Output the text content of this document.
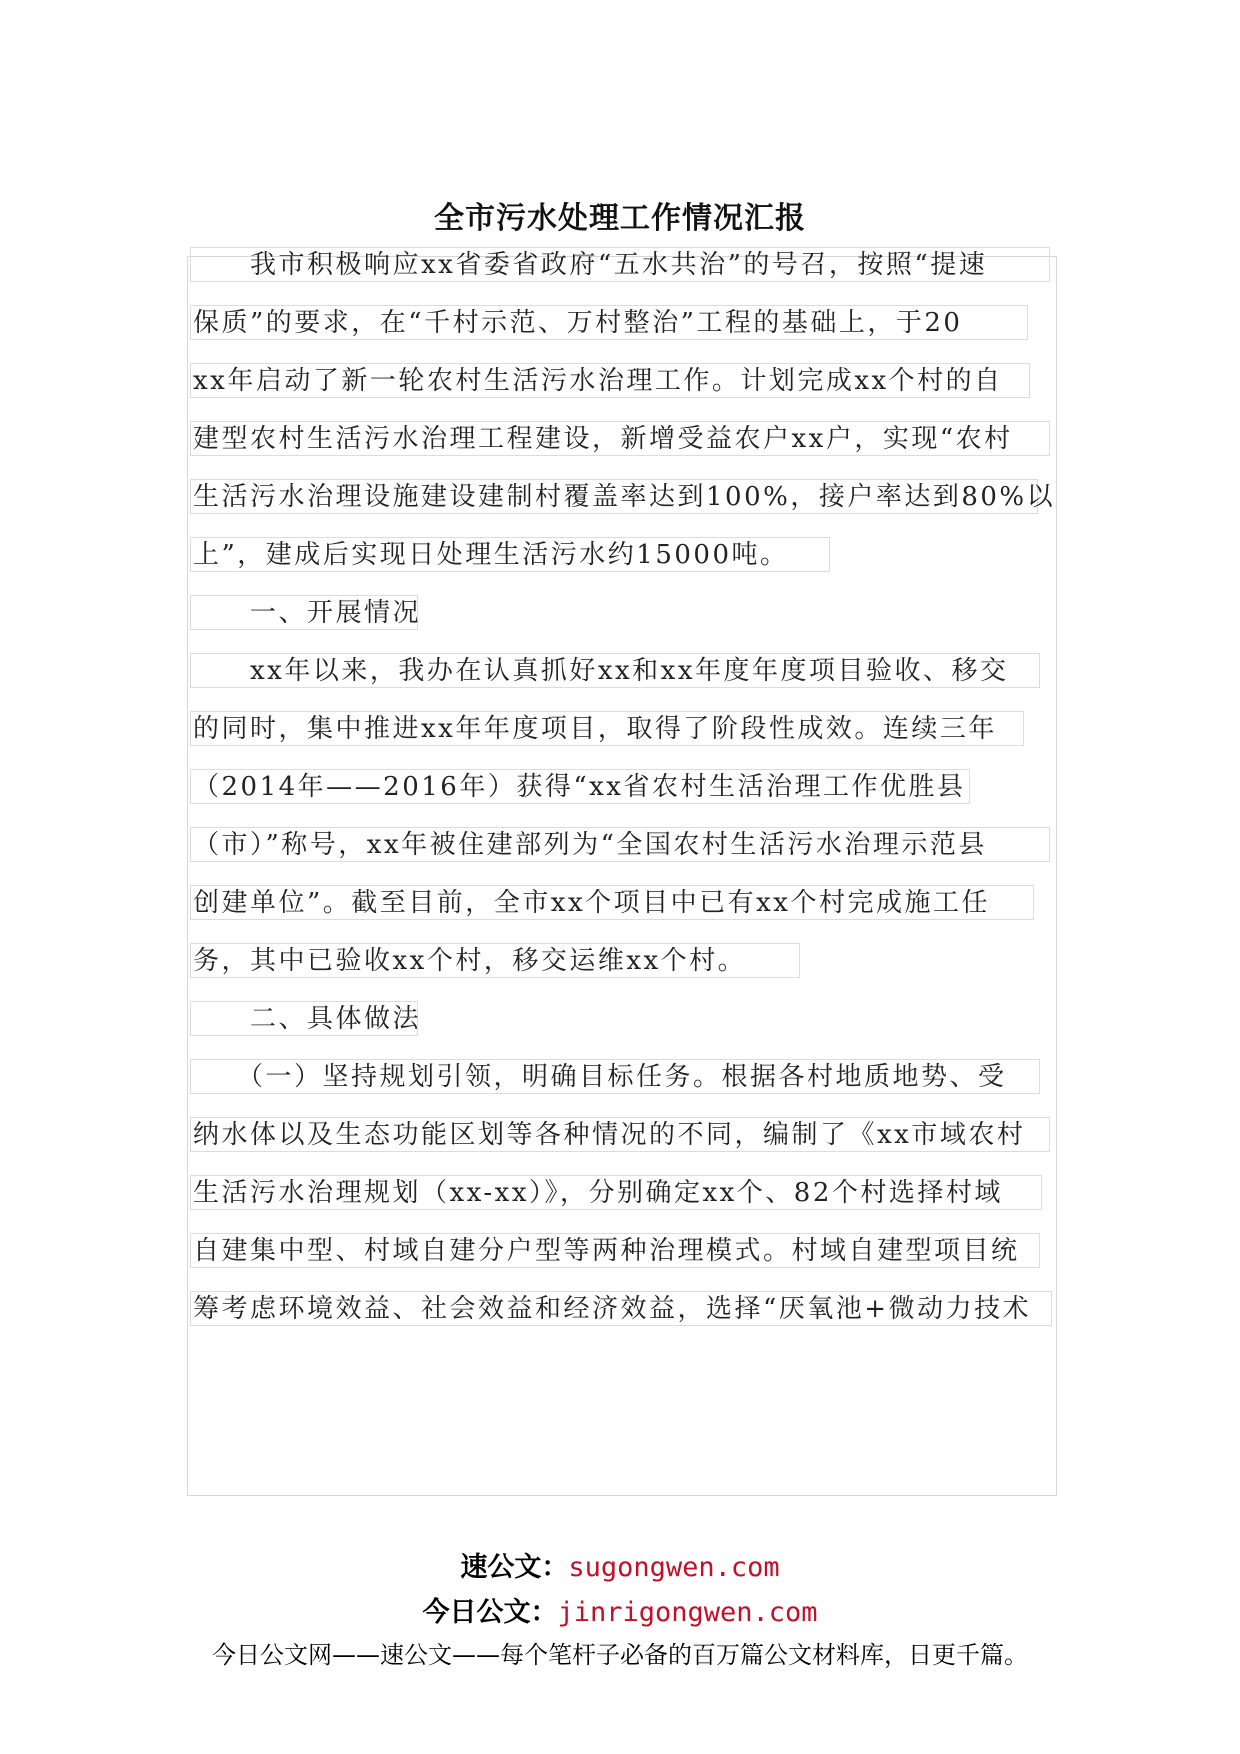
全市污水处理工作情况汇报
　　我市积极响应xx省委省政府“五水共治”的号召，按照“提速
保质”的要求，在“千村示范、万村整治”工程的基础上，于20
xx年启动了新一轮农村生活污水治理工作。计划完成xx个村的自
建型农村生活污水治理工程建设，新增受益农户xx户，实现“农村
生活污水治理设施建设建制村覆盖率达到100%，接户率达到80%以
上”，建成后实现日处理生活污水约15000吨。
　　一、开展情况
　　xx年以来，我办在认真抓好xx和xx年度年度项目验收、移交
的同时，集中推进xx年年度项目，取得了阶段性成效。连续三年
（2014年——2016年）获得“xx省农村生活治理工作优胜县
（市）”称号，xx年被住建部列为“全国农村生活污水治理示范县
创建单位”。截至目前，全市xx个项目中已有xx个村完成施工任
务，其中已验收xx个村，移交运维xx个村。
　　二、具体做法
　　（一）坚持规划引领，明确目标任务。根据各村地质地势、受
纳水体以及生态功能区划等各种情况的不同，编制了《xx市域农村
生活污水治理规划（xx-xx）》，分别确定xx个、82个村选择村域
自建集中型、村域自建分户型等两种治理模式。村域自建型项目统
筹考虑环境效益、社会效益和经济效益，选择“厌氧池+微动力技术
速公文：sugongwen.com
今日公文：jinrigongwen.com
今日公文网——速公文——每个笔杆子必备的百万篇公文材料库，日更千篇。
